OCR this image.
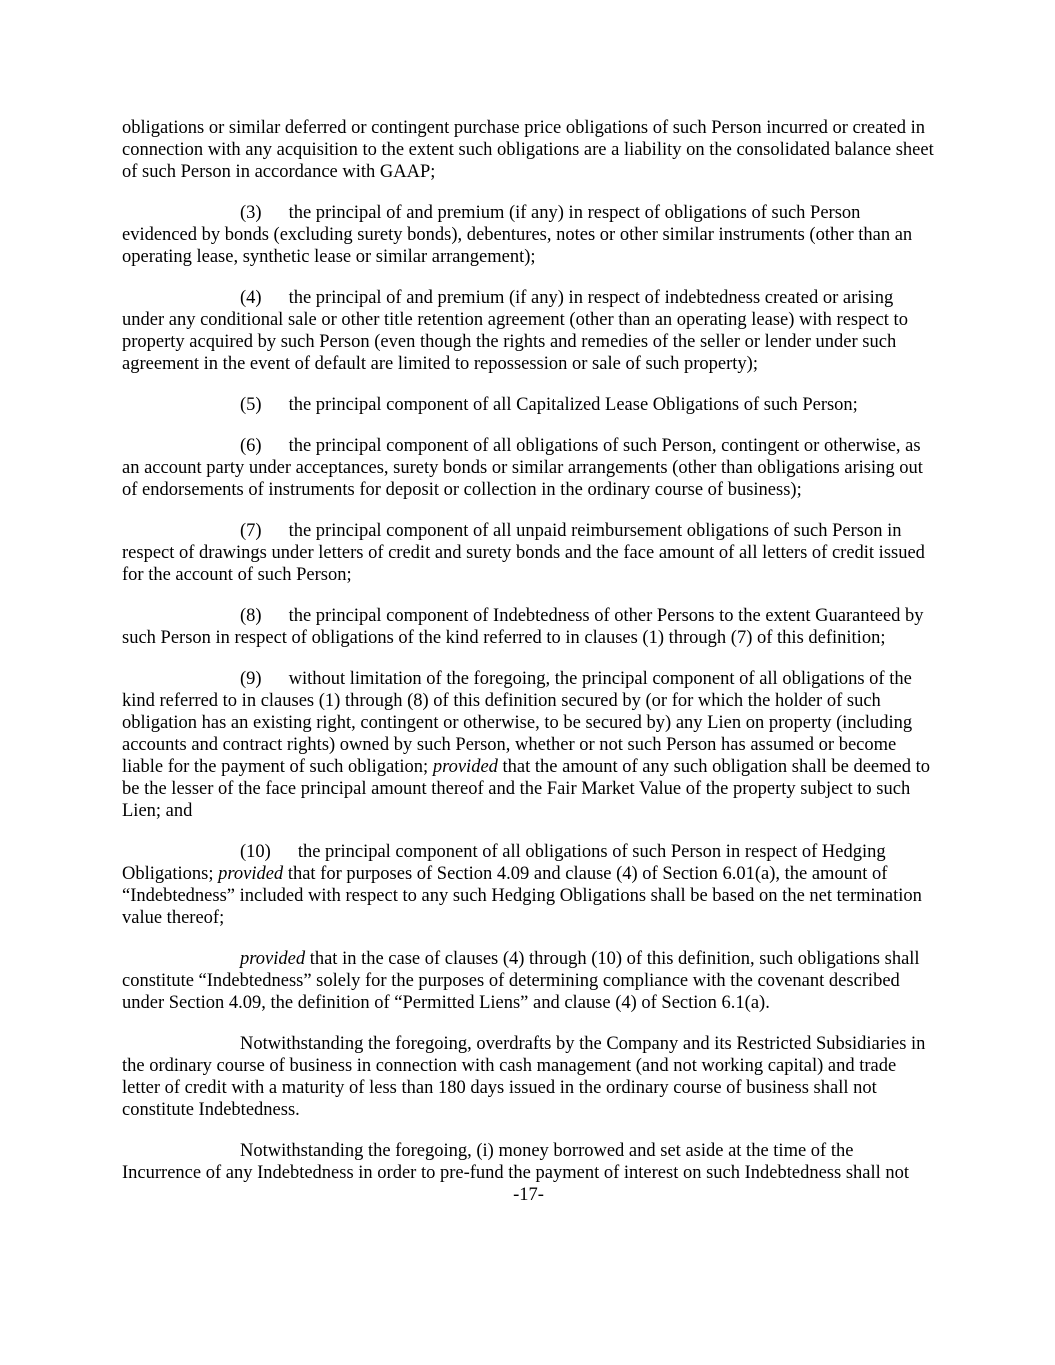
obligations or similar deferred or contingent purchase price obligations of such Person incurred or created in connection with any acquisition to the extent such obligations are a liability on the consolidated balance sheet of such Person in accordance with GAAP;

(3) the principal of and premium (if any) in respect of obligations of such Person evidenced by bonds (excluding surety bonds), debentures, notes or other similar instruments (other than an operating lease, synthetic lease or similar arrangement);

(4) the principal of and premium (if any) in respect of indebtedness created or arising under any conditional sale or other title retention agreement (other than an operating lease) with respect to property acquired by such Person (even though the rights and remedies of the seller or lender under such agreement in the event of default are limited to repossession or sale of such property);

(5) the principal component of all Capitalized Lease Obligations of such Person;

(6) the principal component of all obligations of such Person, contingent or otherwise, as an account party under acceptances, surety bonds or similar arrangements (other than obligations arising out of endorsements of instruments for deposit or collection in the ordinary course of business);

(7) the principal component of all unpaid reimbursement obligations of such Person in respect of drawings under letters of credit and surety bonds and the face amount of all letters of credit issued for the account of such Person;

(8) the principal component of Indebtedness of other Persons to the extent Guaranteed by such Person in respect of obligations of the kind referred to in clauses (1) through (7) of this definition;

(9) without limitation of the foregoing, the principal component of all obligations of the kind referred to in clauses (1) through (8) of this definition secured by (or for which the holder of such obligation has an existing right, contingent or otherwise, to be secured by) any Lien on property (including accounts and contract rights) owned by such Person, whether or not such Person has assumed or become liable for the payment of such obligation; provided that the amount of any such obligation shall be deemed to be the lesser of the face principal amount thereof and the Fair Market Value of the property subject to such Lien; and

(10) the principal component of all obligations of such Person in respect of Hedging Obligations; provided that for purposes of Section 4.09 and clause (4) of Section 6.01(a), the amount of “Indebtedness” included with respect to any such Hedging Obligations shall be based on the net termination value thereof;

provided that in the case of clauses (4) through (10) of this definition, such obligations shall constitute “Indebtedness” solely for the purposes of determining compliance with the covenant described under Section 4.09, the definition of “Permitted Liens” and clause (4) of Section 6.1(a).

Notwithstanding the foregoing, overdrafts by the Company and its Restricted Subsidiaries in the ordinary course of business in connection with cash management (and not working capital) and trade letter of credit with a maturity of less than 180 days issued in the ordinary course of business shall not constitute Indebtedness.

Notwithstanding the foregoing, (i) money borrowed and set aside at the time of the Incurrence of any Indebtedness in order to pre-fund the payment of interest on such Indebtedness shall not

-17-
